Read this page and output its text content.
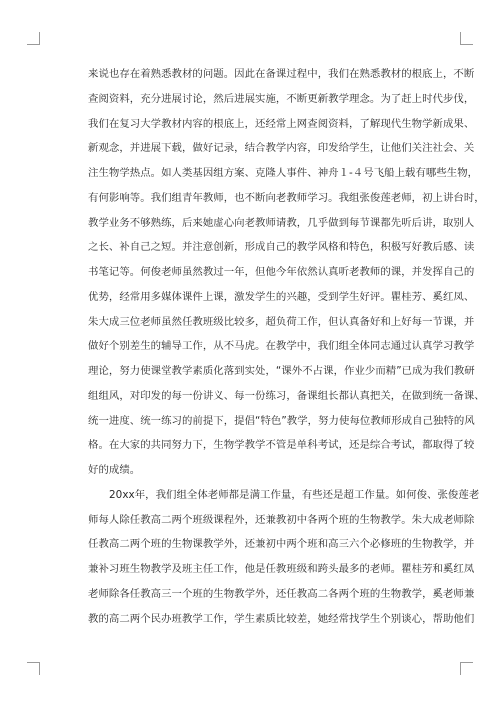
来说也存在着熟悉教材的问题。因此在备课过程中，我们在熟悉教材的根底上，不断
查阅资料，充分进展讨论，然后进展实施，不断更新教学理念。为了赶上时代步伐，
我们在复习大学教材内容的根底上，还经常上网查阅资料，了解现代生物学新成果、
新观念，并进展下载，做好记录，结合教学内容，印发给学生，让他们关注社会、关
注生物学热点。如人类基因组方案、克隆人事件、神舟１-４号飞船上载有哪些生物，
有何影响等。我们组青年教师，也不断向老教师学习。我组张俊莲老师，初上讲台时，
教学业务不够熟练，后来她虚心向老教师请教，几乎做到每节课都先听后讲，取别人
之长、补自己之短。并注意创新，形成自己的教学风格和特色，积极写好教后感、读
书笔记等。何俊老师虽然教过一年，但他今年依然认真听老教师的课，并发挥自己的
优势，经常用多媒体课件上课，激发学生的兴趣，受到学生好评。瞿桂芳、奚红凤、
朱大成三位老师虽然任教班级比较多，超负荷工作，但认真备好和上好每一节课，并
做好个别差生的辅导工作，从不马虎。在教学中，我们组全体同志通过认真学习教学
理论，努力使课堂教学素质化落到实处，“课外不占课，作业少而精”已成为我们教研
组组风，对印发的每一份讲义、每一份练习，备课组长都认真把关，在做到统一备课、
统一进度、统一练习的前提下，提倡“特色”教学，努力使每位教师形成自己独特的风
格。在大家的共同努力下，生物学教学不管是单科考试，还是综合考试，都取得了较
好的成绩。
20xx年，我们组全体老师都是满工作量，有些还是超工作量。如何俊、张俊莲老
师每人除任教高二两个班级课程外，还兼教初中各两个班的生物教学。朱大成老师除
任教高二两个班的生物课教学外，还兼初中两个班和高三六个必修班的生物教学，并
兼补习班生物教学及班主任工作，他是任教班级和跨头最多的老师。瞿桂芳和奚红凤
老师除各任教高三一个班的生物教学外，还任教高二各两个班的生物教学，奚老师兼
教的高二两个民办班教学工作，学生素质比较差，她经常找学生个别谈心，帮助他们
